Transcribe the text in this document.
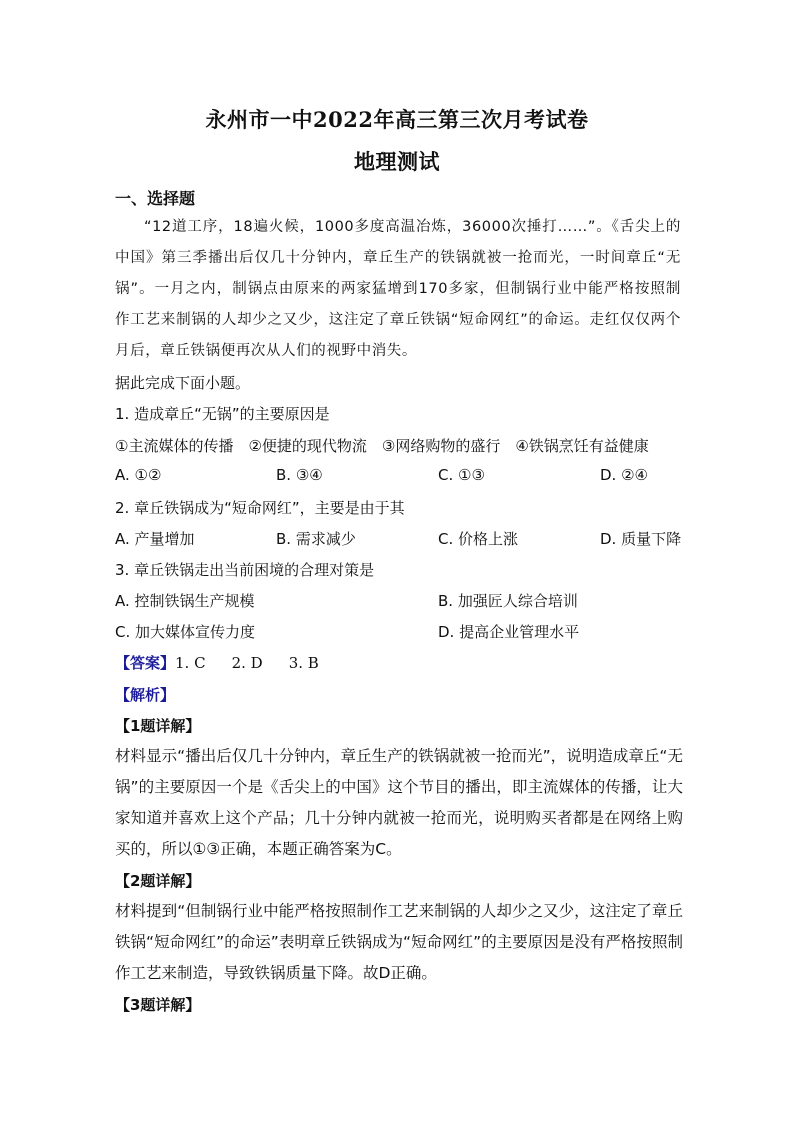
永州市一中2022年高三第三次月考试卷
地理测试
一、选择题
“12道工序，18遍火候，1000多度高温冶炼，36000次捶打……”。《舌尖上的中国》第三季播出后仅几十分钟内，章丘生产的铁锅就被一抢而光，一时间章丘“无锅”。一月之内，制锅点由原来的两家猛增到170多家，但制锅行业中能严格按照制作工艺来制锅的人却少之又少，这注定了章丘铁锅“短命网红”的命运。走红仅仅两个月后，章丘铁锅便再次从人们的视野中消失。
据此完成下面小题。
1. 造成章丘“无锅”的主要原因是
①主流媒体的传播　②便捷的现代物流　③网络购物的盛行　④铁锅烹饪有益健康
A. ①②	B. ③④	C. ①③	D. ②④
2. 章丘铁锅成为“短命网红”，主要是由于其
A. 产量增加	B. 需求减少	C. 价格上涨	D. 质量下降
3. 章丘铁锅走出当前困境的合理对策是
A. 控制铁锅生产规模	B. 加强匠人综合培训
C. 加大媒体宣传力度	D. 提高企业管理水平
【答案】1. C 2. D 3. B
【解析】
【1题详解】
材料显示“播出后仅几十分钟内，章丘生产的铁锅就被一抢而光”，说明造成章丘“无锅”的主要原因一个是《舌尖上的中国》这个节目的播出，即主流媒体的传播，让大家知道并喜欢上这个产品；几十分钟内就被一抢而光，说明购买者都是在网络上购买的，所以①③正确，本题正确答案为C。
【2题详解】
材料提到“但制锅行业中能严格按照制作工艺来制锅的人却少之又少，这注定了章丘铁锅“短命网红”的命运”表明章丘铁锅成为“短命网红”的主要原因是没有严格按照制作工艺来制造，导致铁锅质量下降。故D正确。
【3题详解】
